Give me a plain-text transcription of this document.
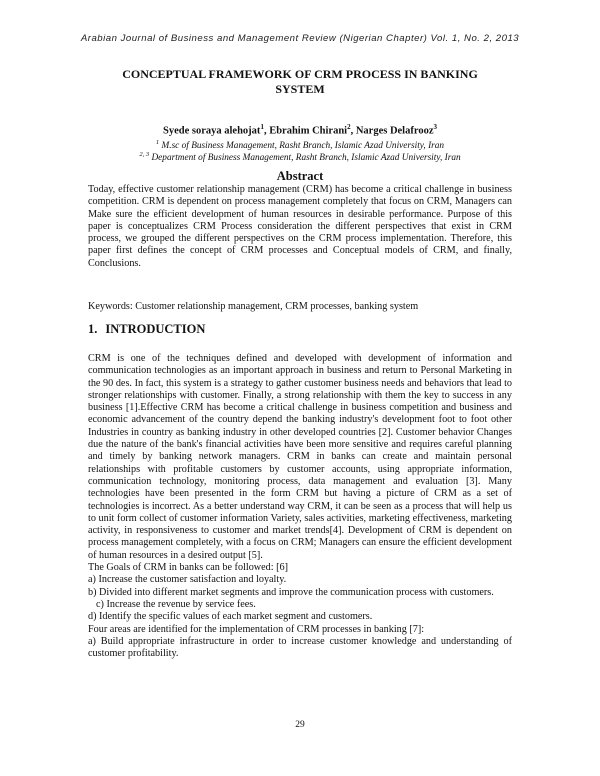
Arabian Journal of Business and Management Review (Nigerian Chapter) Vol. 1, No. 2, 2013
CONCEPTUAL FRAMEWORK OF CRM PROCESS IN BANKING
SYSTEM
Syede soraya alehojat$^1$, Ebrahim Chirani$^2$, Narges Delafrooz$^3$
$^1$ M.sc of Business Management, Rasht Branch, Islamic Azad University, Iran
$^{2, 3}$ Department of Business Management, Rasht Branch, Islamic Azad University, Iran
Abstract

Today, effective customer relationship management (CRM) has become a critical challenge in business competition. CRM is dependent on process management completely that focus on CRM, Managers can Make sure the efficient development of human resources in desirable performance. Purpose of this paper is conceptualizes CRM Process consideration the different perspectives that exist in CRM process, we grouped the different perspectives on the CRM process implementation. Therefore, this paper first defines the concept of CRM processes and Conceptual models of CRM, and finally, Conclusions.

Keywords: Customer relationship management, CRM processes, banking system

1. INTRODUCTION

CRM is one of the techniques defined and developed with development of information and communication technologies as an important approach in business and return to Personal Marketing in the 90 des. In fact, this system is a strategy to gather customer business needs and behaviors that lead to stronger relationships with customer. Finally, a strong relationship with them the key to success in any business [1].Effective CRM has become a critical challenge in business competition and business and economic advancement of the country depend the banking industry's development foot to foot other Industries in country as banking industry in other developed countries [2]. Customer behavior Changes due the nature of the bank's financial activities have been more sensitive and requires careful planning and timely by banking network managers. CRM in banks can create and maintain personal relationships with profitable customers by customer accounts, using appropriate information, communication technology, monitoring process, data management and evaluation [3]. Many technologies have been presented in the form CRM but having a picture of CRM as a set of technologies is incorrect. As a better understand way CRM, it can be seen as a process that will help us to unit form collect of customer information Variety, sales activities, marketing effectiveness, marketing activity, in responsiveness to customer and market trends[4]. Development of CRM is dependent on process management completely, with a focus on CRM; Managers can ensure the efficient development of human resources in a desired output [5].

The Goals of CRM in banks can be followed: [6]

a) Increase the customer satisfaction and loyalty.

b) Divided into different market segments and improve the communication process with customers.

c) Increase the revenue by service fees.

d) Identify the specific values of each market segment and customers.

Four areas are identified for the implementation of CRM processes in banking [7]:

a) Build appropriate infrastructure in order to increase customer knowledge and understanding of customer profitability.

29
